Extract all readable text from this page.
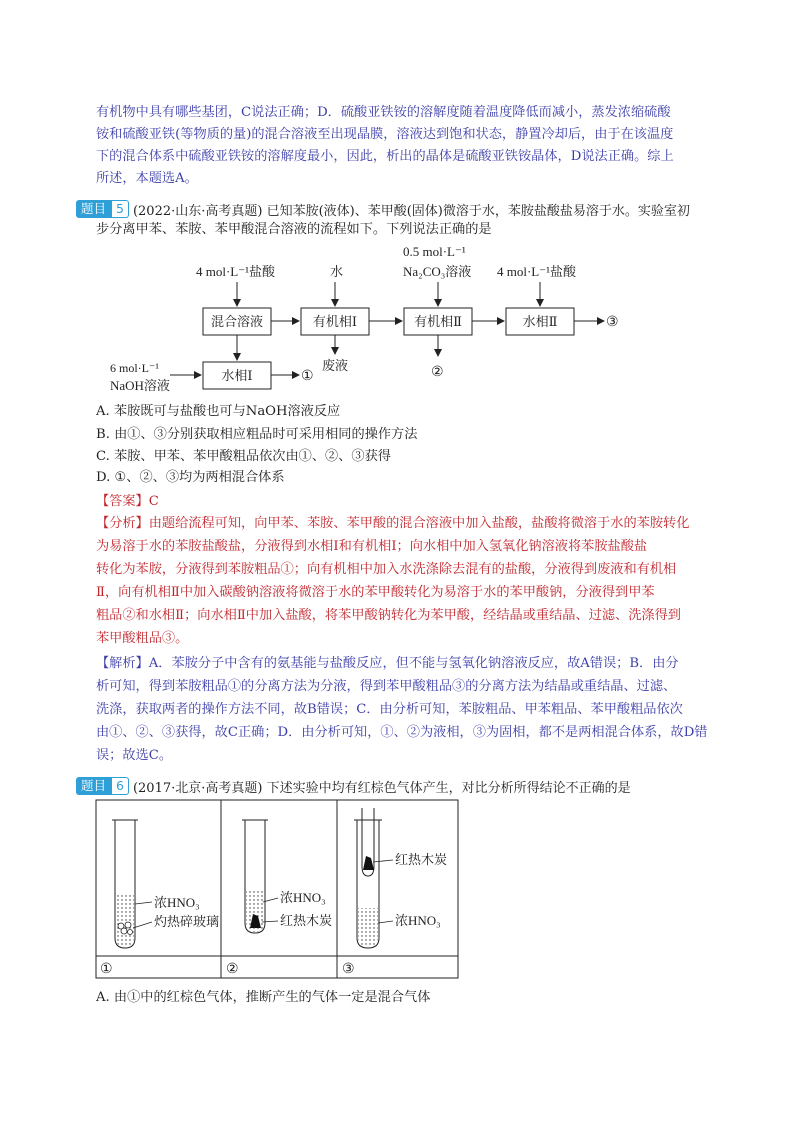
有机物中具有哪些基团，C说法正确；D．硫酸亚铁铵的溶解度随着温度降低而减小，蒸发浓缩硫酸
铵和硫酸亚铁(等物质的量)的混合溶液至出现晶膜，溶液达到饱和状态，静置冷却后，由于在该温度
下的混合体系中硫酸亚铁铵的溶解度最小，因此，析出的晶体是硫酸亚铁铵晶体，D说法正确。综上
所述，本题选A。
题目 5 (2022·山东·高考真题) 已知苯胺(液体)、苯甲酸(固体)微溶于水，苯胺盐酸盐易溶于水。实验室初
步分离甲苯、苯胺、苯甲酸混合溶液的流程如下。下列说法正确的是
4 mol·L⁻¹盐酸	水
0.5 mol·L⁻¹
Na₂CO₃溶液 4 mol·L⁻¹盐酸
混合溶液	有机相Ⅰ	有机相Ⅱ	水相Ⅱ	③
废液	②
水相Ⅰ	①
6 mol·L⁻¹
NaOH溶液
A. 苯胺既可与盐酸也可与NaOH溶液反应
B. 由①、③分别获取相应粗品时可采用相同的操作方法
C. 苯胺、甲苯、苯甲酸粗品依次由①、②、③获得
D. ①、②、③均为两相混合体系
【答案】C
【分析】由题给流程可知，向甲苯、苯胺、苯甲酸的混合溶液中加入盐酸，盐酸将微溶于水的苯胺转化
为易溶于水的苯胺盐酸盐，分液得到水相Ⅰ和有机相Ⅰ；向水相中加入氢氧化钠溶液将苯胺盐酸盐
转化为苯胺，分液得到苯胺粗品①；向有机相中加入水洗涤除去混有的盐酸，分液得到废液和有机相
Ⅱ，向有机相Ⅱ中加入碳酸钠溶液将微溶于水的苯甲酸转化为易溶于水的苯甲酸钠，分液得到甲苯
粗品②和水相Ⅱ；向水相Ⅱ中加入盐酸，将苯甲酸钠转化为苯甲酸，经结晶或重结晶、过滤、洗涤得到
苯甲酸粗品③。
【解析】A．苯胺分子中含有的氨基能与盐酸反应，但不能与氢氧化钠溶液反应，故A错误；B．由分
析可知，得到苯胺粗品①的分离方法为分液，得到苯甲酸粗品③的分离方法为结晶或重结晶、过滤、
洗涤，获取两者的操作方法不同，故B错误；C．由分析可知，苯胺粗品、甲苯粗品、苯甲酸粗品依次
由①、②、③获得，故C正确；D．由分析可知，①、②为液相，③为固相，都不是两相混合体系，故D错
误；故选C。
题目 6 (2017·北京·高考真题) 下述实验中均有红棕色气体产生，对比分析所得结论不正确的是
浓HNO₃
灼热碎玻璃
浓HNO₃
红热木炭
红热木炭
浓HNO₃
①	②	③
A. 由①中的红棕色气体，推断产生的气体一定是混合气体
